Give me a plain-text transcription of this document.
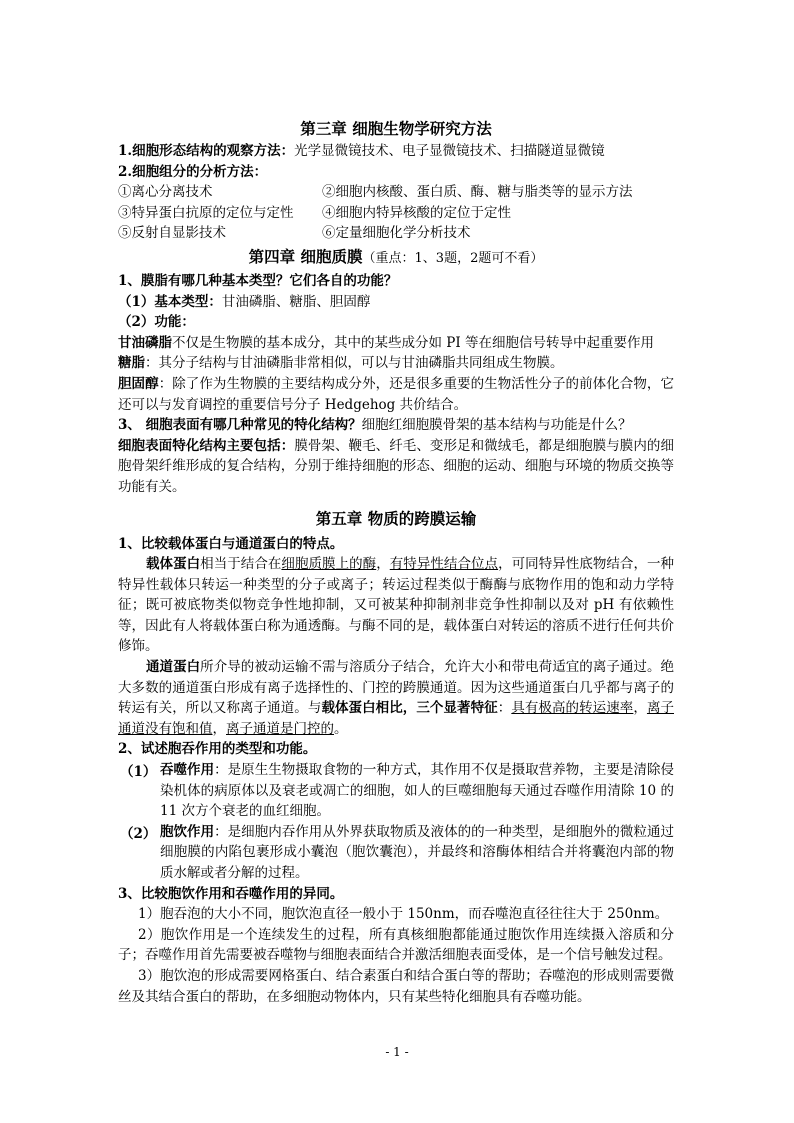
第三章 细胞生物学研究方法

1.细胞形态结构的观察方法：光学显微镜技术、电子显微镜技术、扫描隧道显微镜

2.细胞组分的分析方法：

①离心分离技术	②细胞内核酸、蛋白质、酶、糖与脂类等的显示方法
③特异蛋白抗原的定位与定性	④细胞内特异核酸的定位于定性
⑤反射自显影技术	⑥定量细胞化学分析技术
第四章 细胞质膜（重点：1、3题，2题可不看）

1、膜脂有哪几种基本类型？它们各自的功能？

（1）基本类型：甘油磷脂、糖脂、胆固醇

（2）功能：

甘油磷脂不仅是生物膜的基本成分，其中的某些成分如 PI 等在细胞信号转导中起重要作用

糖脂：其分子结构与甘油磷脂非常相似，可以与甘油磷脂共同组成生物膜。

胆固醇：除了作为生物膜的主要结构成分外，还是很多重要的生物活性分子的前体化合物，它还可以与发育调控的重要信号分子 Hedgehog 共价结合。

3、 细胞表面有哪几种常见的特化结构？细胞红细胞膜骨架的基本结构与功能是什么？

细胞表面特化结构主要包括：膜骨架、鞭毛、纤毛、变形足和微绒毛，都是细胞膜与膜内的细胞骨架纤维形成的复合结构，分别于维持细胞的形态、细胞的运动、细胞与环境的物质交换等功能有关。

第五章 物质的跨膜运输

1、比较载体蛋白与通道蛋白的特点。

载体蛋白相当于结合在细胞质膜上的酶，有特异性结合位点，可同特异性底物结合，一种特异性载体只转运一种类型的分子或离子；转运过程类似于酶酶与底物作用的饱和动力学特征；既可被底物类似物竞争性地抑制，又可被某种抑制剂非竞争性抑制以及对 pH 有依赖性等，因此有人将载体蛋白称为通透酶。与酶不同的是，载体蛋白对转运的溶质不进行任何共价修饰。

通道蛋白所介导的被动运输不需与溶质分子结合，允许大小和带电荷适宜的离子通过。绝大多数的通道蛋白形成有离子选择性的、门控的跨膜通道。因为这些通道蛋白几乎都与离子的转运有关，所以又称离子通道。与载体蛋白相比，三个显著特征：具有极高的转运速率，离子通道没有饱和值，离子通道是门控的。

2、试述胞吞作用的类型和功能。

（1） 吞噬作用：是原生生物摄取食物的一种方式，其作用不仅是摄取营养物，主要是清除侵染机体的病原体以及衰老或凋亡的细胞，如人的巨噬细胞每天通过吞噬作用清除 10 的 11 次方个衰老的血红细胞。

（2） 胞饮作用：是细胞内吞作用从外界获取物质及液体的的一种类型，是细胞外的微粒通过细胞膜的内陷包裹形成小囊泡（胞饮囊泡），并最终和溶酶体相结合并将囊泡内部的物质水解或者分解的过程。

3、比较胞饮作用和吞噬作用的异同。

1）胞吞泡的大小不同，胞饮泡直径一般小于 150nm，而吞噬泡直径往往大于 250nm。

2）胞饮作用是一个连续发生的过程，所有真核细胞都能通过胞饮作用连续摄入溶质和分子；吞噬作用首先需要被吞噬物与细胞表面结合并激活细胞表面受体，是一个信号触发过程。

3）胞饮泡的形成需要网格蛋白、结合素蛋白和结合蛋白等的帮助；吞噬泡的形成则需要微丝及其结合蛋白的帮助，在多细胞动物体内，只有某些特化细胞具有吞噬功能。

- 1 -
